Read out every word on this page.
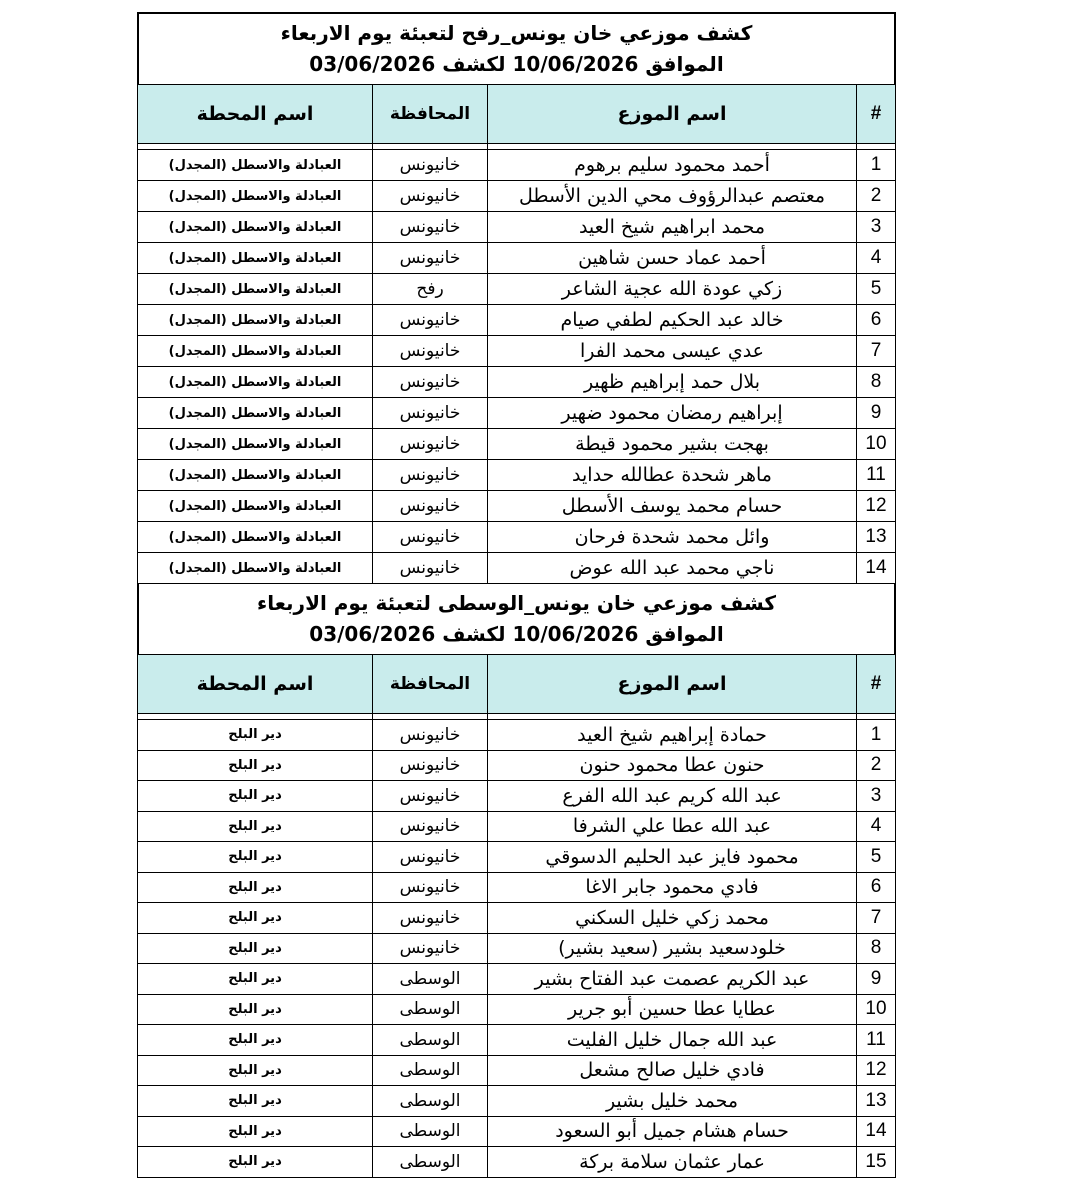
كشف موزعي خان يونس_رفح لتعبئة يوم الاربعاء
الموافق 10/06/2026 لكشف 03/06/2026
#	اسم الموزع	المحافظة	اسم المحطة

1	أحمد محمود سليم برهوم	خانيونس	العبادلة والاسطل (المجدل)
2	معتصم عبدالرؤوف محي الدين الأسطل	خانيونس	العبادلة والاسطل (المجدل)
3	محمد ابراهيم شيخ العيد	خانيونس	العبادلة والاسطل (المجدل)
4	أحمد عماد حسن شاهين	خانيونس	العبادلة والاسطل (المجدل)
5	زكي عودة الله عجية الشاعر	رفح	العبادلة والاسطل (المجدل)
6	خالد عبد الحكيم لطفي صيام	خانيونس	العبادلة والاسطل (المجدل)
7	عدي عيسى محمد الفرا	خانيونس	العبادلة والاسطل (المجدل)
8	بلال حمد إبراهيم ظهير	خانيونس	العبادلة والاسطل (المجدل)
9	إبراهيم رمضان محمود ضهير	خانيونس	العبادلة والاسطل (المجدل)
10	بهجت بشير محمود قيطة	خانيونس	العبادلة والاسطل (المجدل)
11	ماهر شحدة عطالله حدايد	خانيونس	العبادلة والاسطل (المجدل)
12	حسام محمد يوسف الأسطل	خانيونس	العبادلة والاسطل (المجدل)
13	وائل محمد شحدة فرحان	خانيونس	العبادلة والاسطل (المجدل)
14	ناجي محمد عبد الله عوض	خانيونس	العبادلة والاسطل (المجدل)
كشف موزعي خان يونس_الوسطى لتعبئة يوم الاربعاء
الموافق 10/06/2026 لكشف 03/06/2026
#	اسم الموزع	المحافظة	اسم المحطة

1	حمادة إبراهيم شيخ العيد	خانيونس	دير البلح
2	حنون عطا محمود حنون	خانيونس	دير البلح
3	عبد الله كريم عبد الله الفرع	خانيونس	دير البلح
4	عبد الله عطا علي الشرفا	خانيونس	دير البلح
5	محمود فايز عبد الحليم الدسوقي	خانيونس	دير البلح
6	فادي محمود جابر الاغا	خانيونس	دير البلح
7	محمد زكي خليل السكني	خانيونس	دير البلح
8	خلودسعيد بشير (سعيد بشير)	خانيونس	دير البلح
9	عبد الكريم عصمت عبد الفتاح بشير	الوسطى	دير البلح
10	عطايا عطا حسين أبو جرير	الوسطى	دير البلح
11	عبد الله جمال خليل الفليت	الوسطى	دير البلح
12	فادي خليل صالح مشعل	الوسطى	دير البلح
13	محمد خليل بشير	الوسطى	دير البلح
14	حسام هشام جميل أبو السعود	الوسطى	دير البلح
15	عمار عثمان سلامة بركة	الوسطى	دير البلح
